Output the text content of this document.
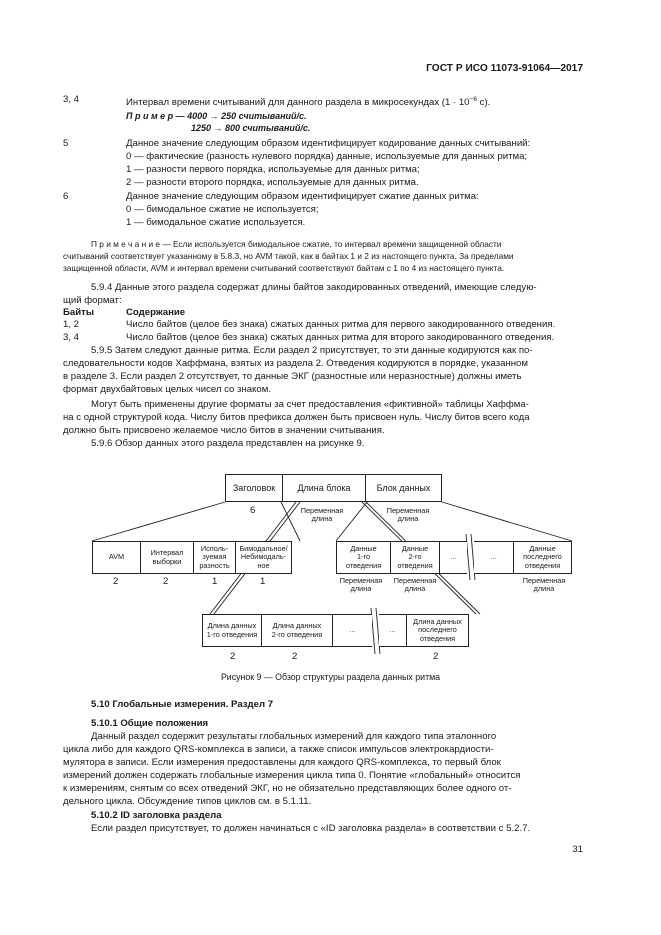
ГОСТ Р ИСО 11073-91064—2017
3, 4	Интервал времени считываний для данного раздела в микросекундах ($1 \cdot 10^{-6}$ с).
П р и м е р — 4000 → 250 считываний/с.
1250 → 800 считываний/с.
5	Данное значение следующим образом идентифицирует кодирование данных считываний:
0 — фактические (разность нулевого порядка) данные, используемые для данных ритма;
1 — разности первого порядка, используемые для данных ритма;
2 — разности второго порядка, используемые для данных ритма.
6	Данное значение следующим образом идентифицирует сжатие данных ритма:
0 — бимодальное сжатие не используется;
1 — бимодальное сжатие используется.
П р и м е ч а н и е — Если используется бимодальное сжатие, то интервал времени защищенной области
считываний соответствует указанному в 5.8.3, но AVM такой, как в байтах 1 и 2 из настоящего пункта. За пределами
защищенной области, AVM и интервал времени считываний соответствуют байтам с 1 по 4 из настоящего пункта.
5.9.4 Данные этого раздела содержат длины байтов закодированных отведений, имеющие следую-
щий формат:
Байты	Содержание
1, 2	Число байтов (целое без знака) сжатых данных ритма для первого закодированного отведения.
3, 4	Число байтов (целое без знака) сжатых данных ритма для второго закодированного отведения.
5.9.5 Затем следуют данные ритма. Если раздел 2 присутствует, то эти данные кодируются как по-
следовательности кодов Хаффмана, взятых из раздела 2. Отведения кодируются в порядке, указанном
в разделе 3. Если раздел 2 отсутствует, то данные ЭКГ (разностные или неразностные) должны иметь
формат двухбайтовых целых чисел со знаком.
Могут быть применены другие форматы за счет предоставления «фиктивной» таблицы Хаффма-
на с одной структурой кода. Числу битов префикса должен быть присвоен нуль. Числу битов всего кода
должно быть присвоено желаемое число битов в значении считывания.
5.9.6 Обзор данных этого раздела представлен на рисунке 9.
Заголовок Длина блока	Блок данных
6	Переменная
длина
Переменная
длина
AVM	Интервал
выборки
Исполь-
зуемая
разность
Бимодальное/
Небимодаль-
ное
2	2	1	1
Данные
1-го
отведения
Данные
2-го
отведения
…	…
Данные
последнего
отведения
Переменная
длина
Переменная
длина
Переменная
длина
Длина данных
1-го отведения
Длина данных
2-го отведения	…	…
Длина данных
последнего
отведения
2	2	2
Рисунок 9 — Обзор структуры раздела данных ритма
5.10 Глобальные измерения. Раздел 7
5.10.1 Общие положения
Данный раздел содержит результаты глобальных измерений для каждого типа эталонного
цикла либо для каждого QRS-комплекса в записи, а также список импульсов электрокардиости-
мулятора в записи. Если измерения предоставлены для каждого QRS-комплекса, то первый блок
измерений должен содержать глобальные измерения цикла типа 0. Понятие «глобальный» относится
к измерениям, снятым со всех отведений ЭКГ, но не обязательно представляющих более одного от-
дельного цикла. Обсуждение типов циклов см. в 5.1.11.
5.10.2 ID заголовка раздела
Если раздел присутствует, то должен начинаться с «ID заголовка раздела» в соответствии с 5.2.7.
31
